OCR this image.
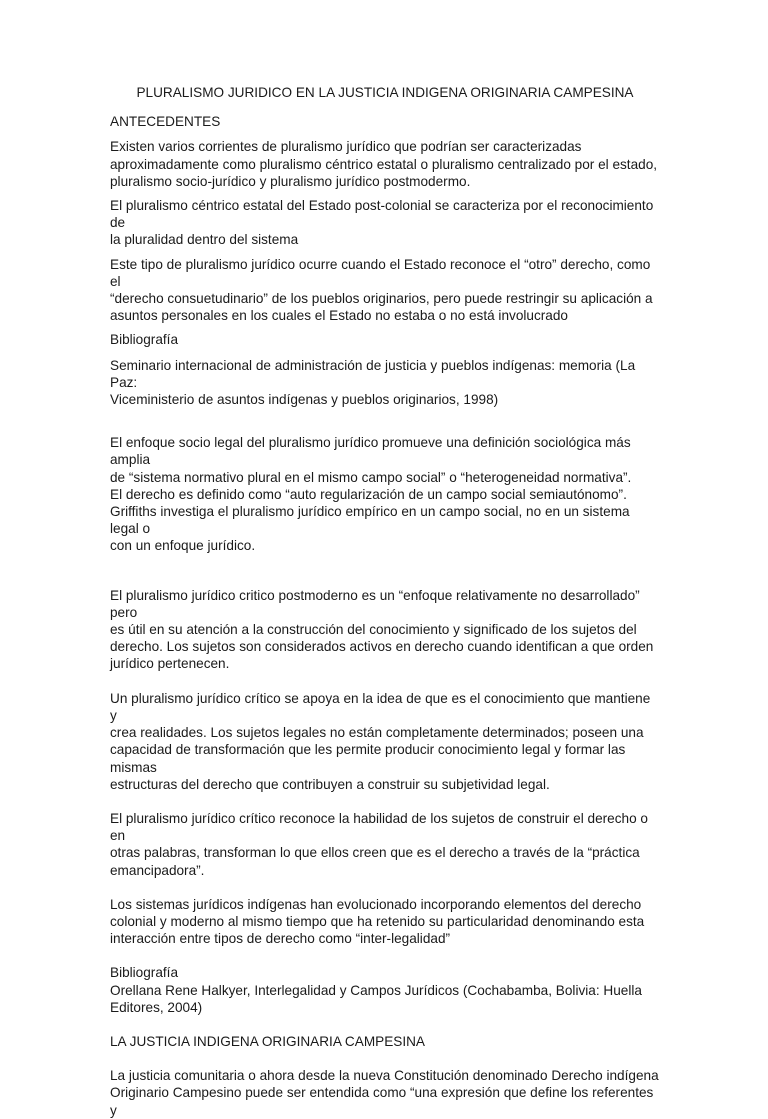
PLURALISMO JURIDICO EN LA JUSTICIA INDIGENA ORIGINARIA CAMPESINA

ANTECEDENTES

Existen varios corrientes de pluralismo jurídico que podrían ser caracterizadas
aproximadamente como pluralismo céntrico estatal o pluralismo centralizado por el estado,
pluralismo socio-jurídico y pluralismo jurídico postmodermo.

El pluralismo céntrico estatal del Estado post-colonial se caracteriza por el reconocimiento de
la pluralidad dentro del sistema

Este tipo de pluralismo jurídico ocurre cuando el Estado reconoce el “otro” derecho, como el
“derecho consuetudinario” de los pueblos originarios, pero puede restringir su aplicación a
asuntos personales en los cuales el Estado no estaba o no está involucrado

Bibliografía

Seminario internacional de administración de justicia y pueblos indígenas: memoria (La Paz:
Viceministerio de asuntos indígenas y pueblos originarios, 1998)

El enfoque socio legal del pluralismo jurídico promueve una definición sociológica más amplia
de “sistema normativo plural en el mismo campo social” o “heterogeneidad normativa”.
El derecho es definido como “auto regularización de un campo social semiautónomo”.
Griffiths investiga el pluralismo jurídico empírico en un campo social, no en un sistema legal o
con un enfoque jurídico.

El pluralismo jurídico critico postmoderno es un “enfoque relativamente no desarrollado” pero
es útil en su atención a la construcción del conocimiento y significado de los sujetos del
derecho. Los sujetos son considerados activos en derecho cuando identifican a que orden
jurídico pertenecen.

Un pluralismo jurídico crítico se apoya en la idea de que es el conocimiento que mantiene y
crea realidades. Los sujetos legales no están completamente determinados; poseen una
capacidad de transformación que les permite producir conocimiento legal y formar las mismas
estructuras del derecho que contribuyen a construir su subjetividad legal.

El pluralismo jurídico crítico reconoce la habilidad de los sujetos de construir el derecho o en
otras palabras, transforman lo que ellos creen que es el derecho a través de la “práctica
emancipadora”.

Los sistemas jurídicos indígenas han evolucionado incorporando elementos del derecho
colonial y moderno al mismo tiempo que ha retenido su particularidad denominando esta
interacción entre tipos de derecho como “inter-legalidad”

Bibliografía

Orellana Rene Halkyer, Interlegalidad y Campos Jurídicos (Cochabamba, Bolivia: Huella
Editores, 2004)

LA JUSTICIA INDIGENA ORIGINARIA CAMPESINA

La justicia comunitaria o ahora desde la nueva Constitución denominado Derecho indígena
Originario Campesino puede ser entendida como “una expresión que define los referentes y
